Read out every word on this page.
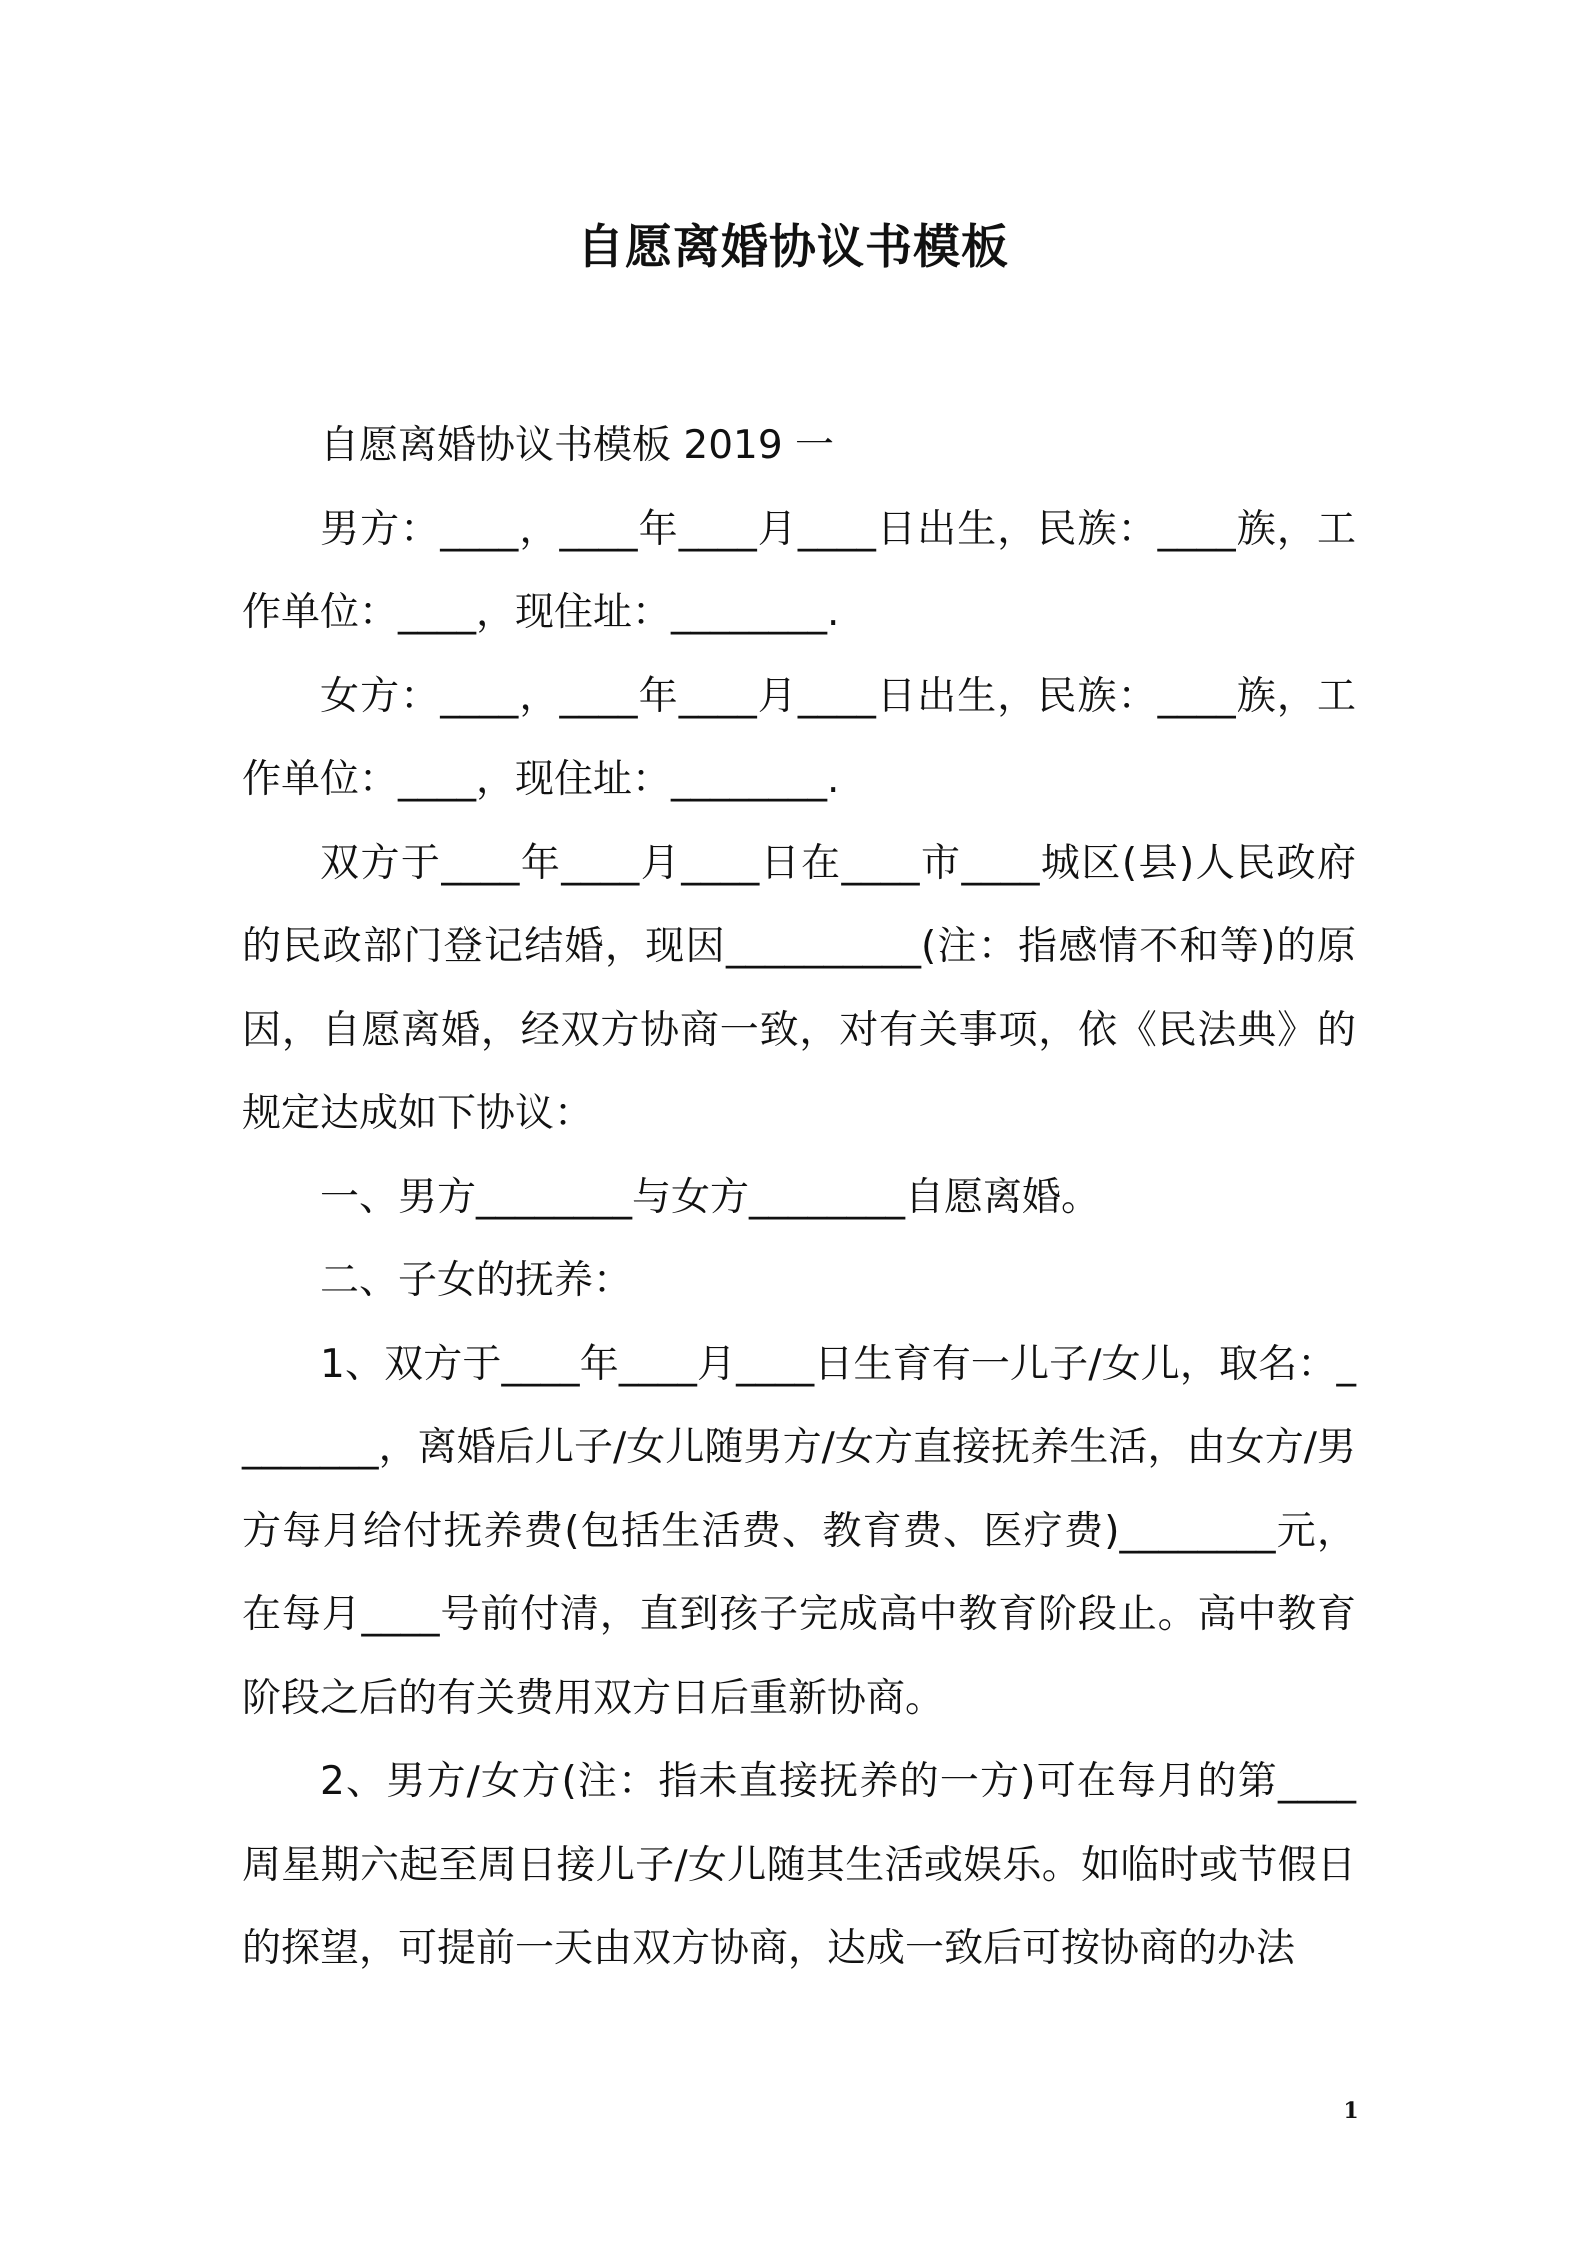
自愿离婚协议书模板

自愿离婚协议书模板 2019 一

男方：____，____年____月____日出生，民族：____族，工作单位：____，现住址：________.

女方：____，____年____月____日出生，民族：____族，工作单位：____，现住址：________.

双方于____年____月____日在____市____城区(县)人民政府的民政部门登记结婚，现因__________(注：指感情不和等)的原因，自愿离婚，经双方协商一致，对有关事项，依《民法典》的规定达成如下协议：

一、男方________与女方________自愿离婚。

二、子女的抚养：

1、双方于____年____月____日生育有一儿子/女儿，取名：________，离婚后儿子/女儿随男方/女方直接抚养生活，由女方/男方每月给付抚养费(包括生活费、教育费、医疗费)________元，在每月____号前付清，直到孩子完成高中教育阶段止。高中教育阶段之后的有关费用双方日后重新协商。

2、男方/女方(注：指未直接抚养的一方)可在每月的第____周星期六起至周日接儿子/女儿随其生活或娱乐。如临时或节假日的探望，可提前一天由双方协商，达成一致后可按协商的办法

1
